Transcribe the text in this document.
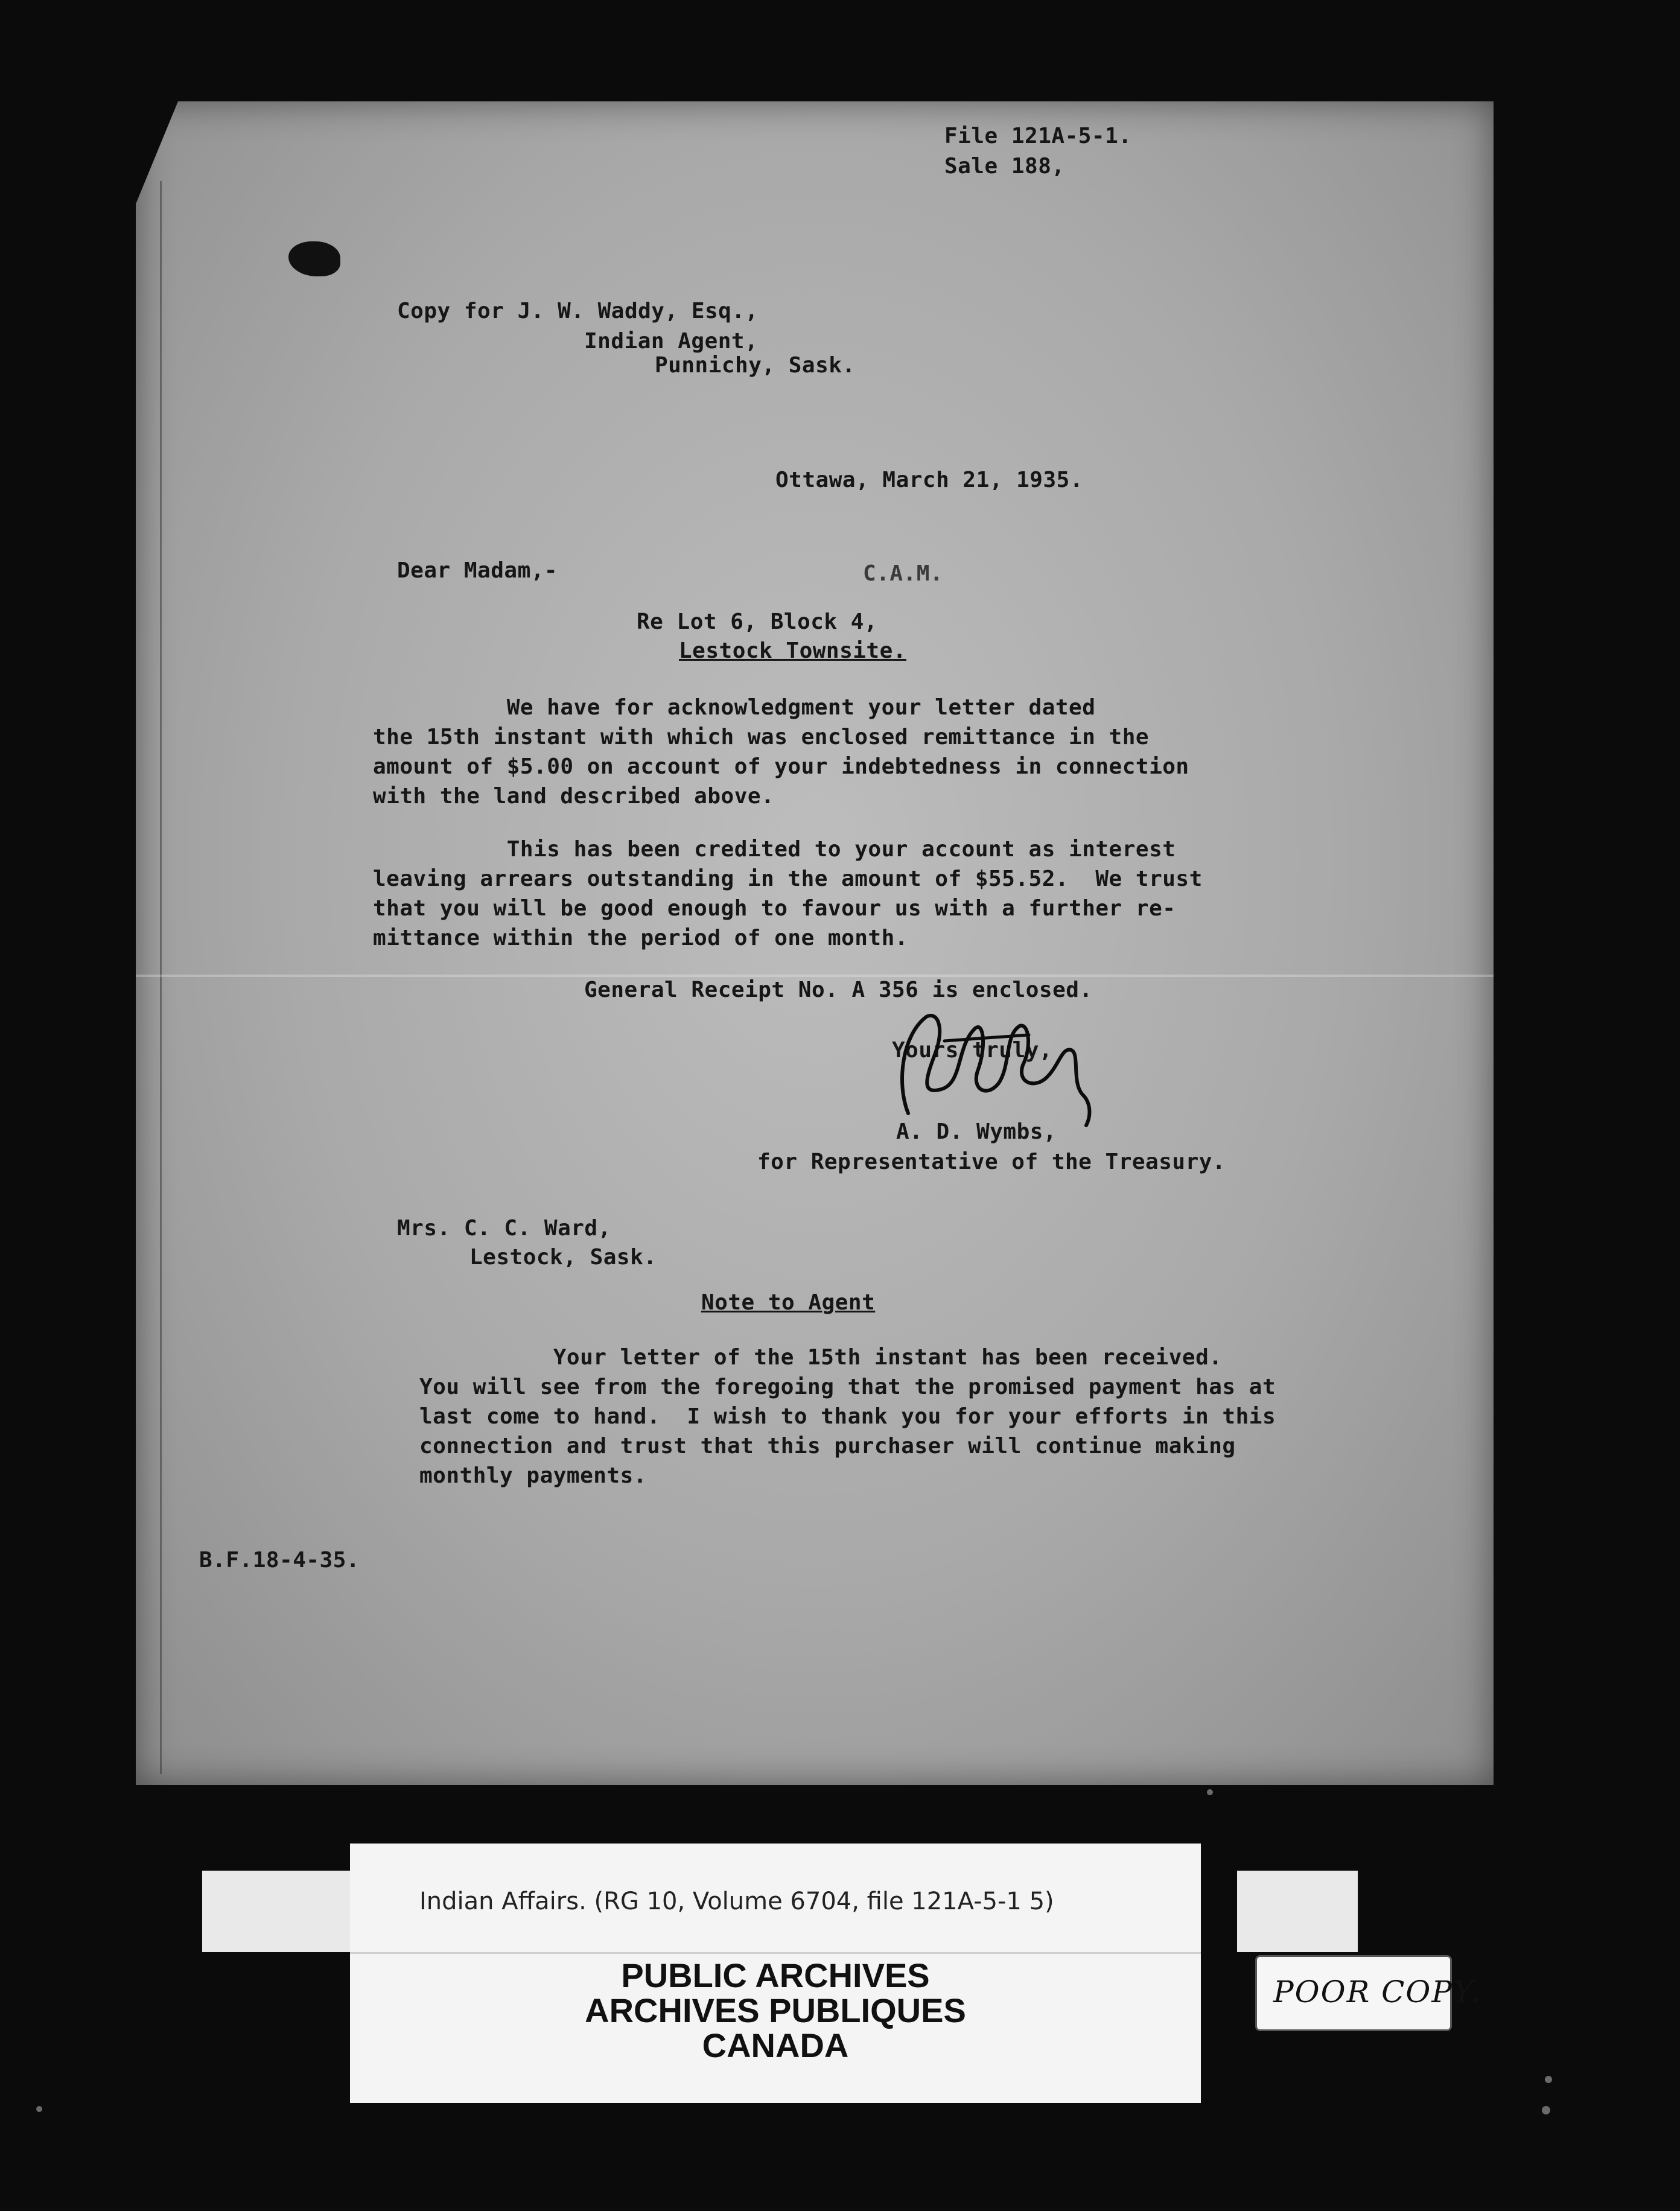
File 121A-5-1.
Sale 188,
Copy for J. W. Waddy, Esq.,
Indian Agent,
Punnichy, Sask.
Ottawa, March 21, 1935.
Dear Madam,-	C.A.M.
Re Lot 6, Block 4,
Lestock Townsite.
We have for acknowledgment your letter dated
the 15th instant with which was enclosed remittance in the
amount of $5.00 on account of your indebtedness in connection
with the land described above.
This has been credited to your account as interest
leaving arrears outstanding in the amount of $55.52.  We trust
that you will be good enough to favour us with a further re-
mittance within the period of one month.
General Receipt No. A 356 is enclosed.
Yours truly,
A. D. Wymbs,
for Representative of the Treasury.
Mrs. C. C. Ward,
Lestock, Sask.
Note to Agent
Your letter of the 15th instant has been received.
You will see from the foregoing that the promised payment has at
last come to hand.  I wish to thank you for your efforts in this
connection and trust that this purchaser will continue making
monthly payments.
B.F.18-4-35.
Indian Affairs. (RG 10, Volume 6704, file 121A-5-1 5)
PUBLIC ARCHIVES
ARCHIVES PUBLIQUES
CANADA
POOR COPY.
